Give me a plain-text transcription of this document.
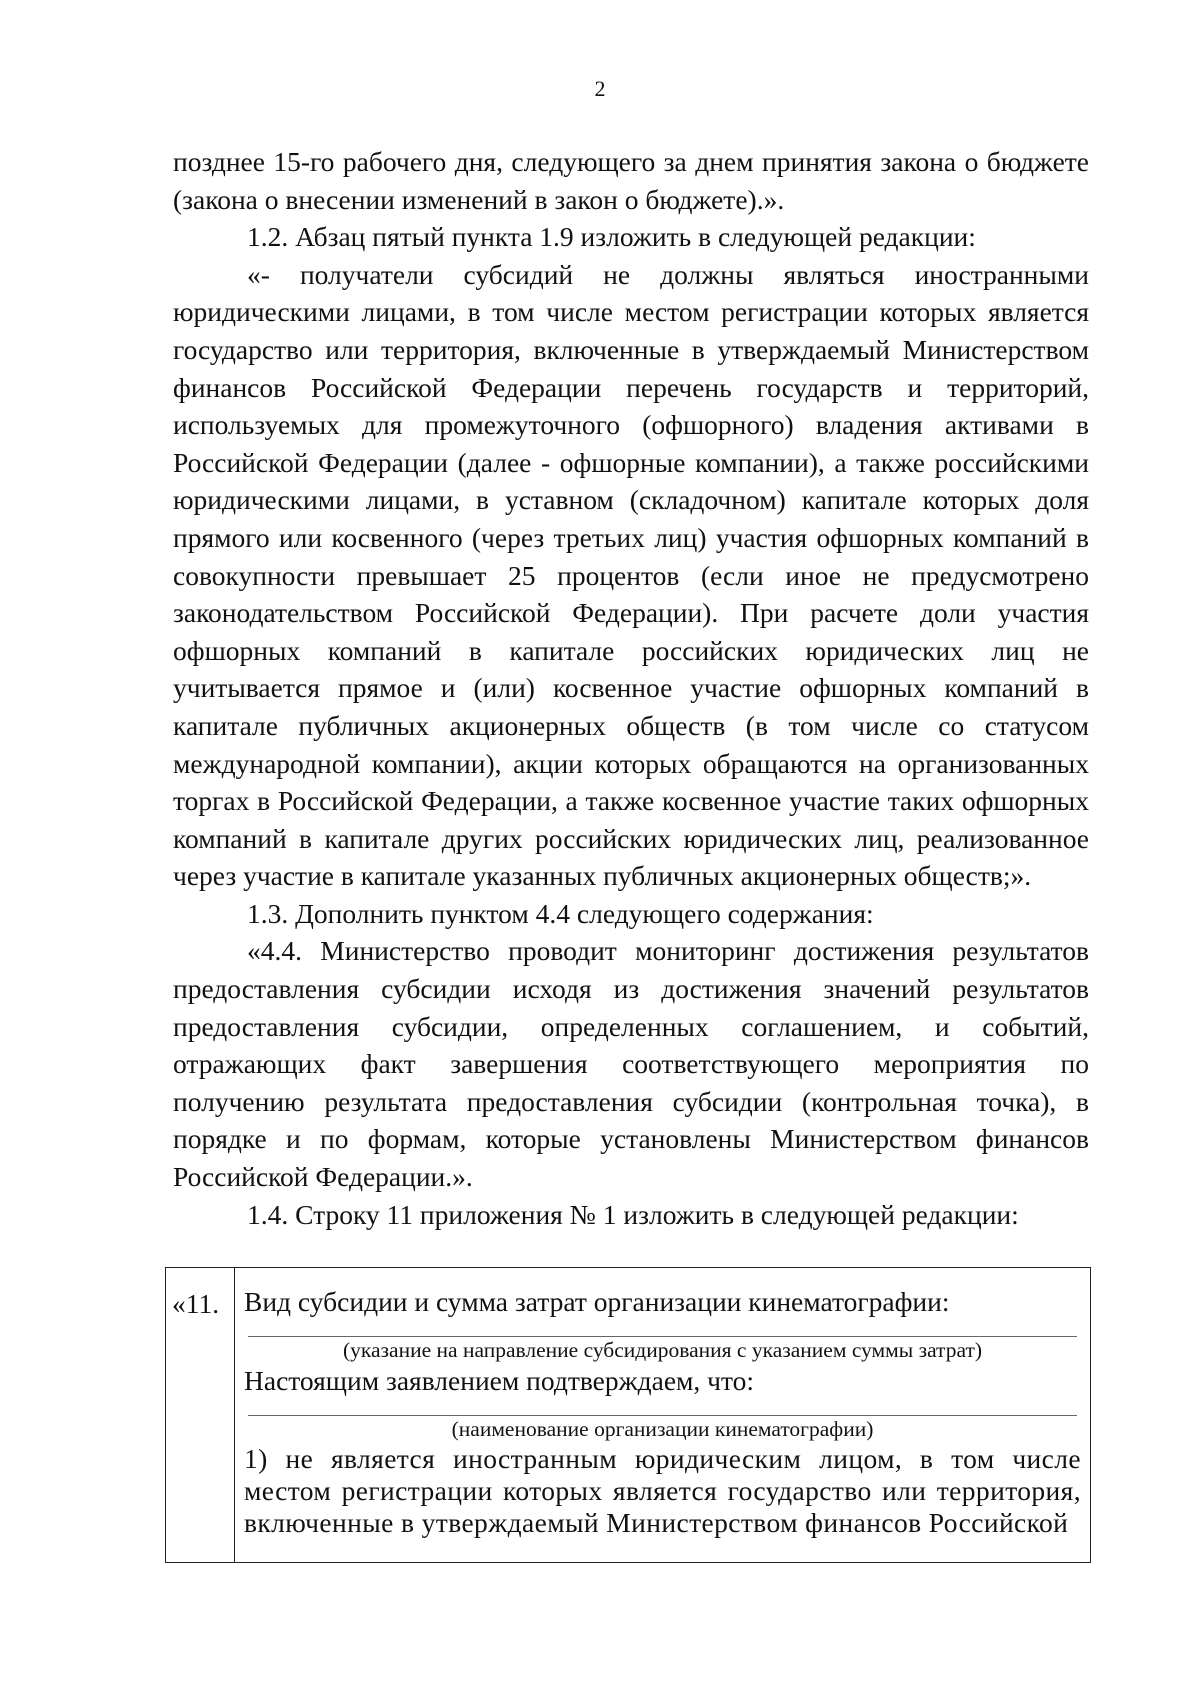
2

позднее 15-го рабочего дня, следующего за днем принятия закона о бюджете (закона о внесении изменений в закон о бюджете).».

1.2. Абзац пятый пункта 1.9 изложить в следующей редакции:

«- получатели субсидий не должны являться иностранными юридическими лицами, в том числе местом регистрации которых является государство или территория, включенные в утверждаемый Министерством финансов Российской Федерации перечень государств и территорий, используемых для промежуточного (офшорного) владения активами в Российской Федерации (далее - офшорные компании), а также российскими юридическими лицами, в уставном (складочном) капитале которых доля прямого или косвенного (через третьих лиц) участия офшорных компаний в совокупности превышает 25 процентов (если иное не предусмотрено законодательством Российской Федерации). При расчете доли участия офшорных компаний в капитале российских юридических лиц не учитывается прямое и (или) косвенное участие офшорных компаний в капитале публичных акционерных обществ (в том числе со статусом международной компании), акции которых обращаются на организованных торгах в Российской Федерации, а также косвенное участие таких офшорных компаний в капитале других российских юридических лиц, реализованное через участие в капитале указанных публичных акционерных обществ;».

1.3. Дополнить пунктом 4.4 следующего содержания:

«4.4. Министерство проводит мониторинг достижения результатов предоставления субсидии исходя из достижения значений результатов предоставления субсидии, определенных соглашением, и событий, отражающих факт завершения соответствующего мероприятия по получению результата предоставления субсидии (контрольная точка), в порядке и по формам, которые установлены Министерством финансов Российской Федерации.».

1.4. Строку 11 приложения № 1 изложить в следующей редакции:

«11.	Вид субсидии и сумма затрат организации кинематографии:

(указание на направление субсидирования с указанием суммы затрат)

Настоящим заявлением подтверждаем, что:

(наименование организации кинематографии)

1) не является иностранным юридическим лицом, в том числе местом регистрации которых является государство или территория, включенные в утверждаемый Министерством финансов Российской
